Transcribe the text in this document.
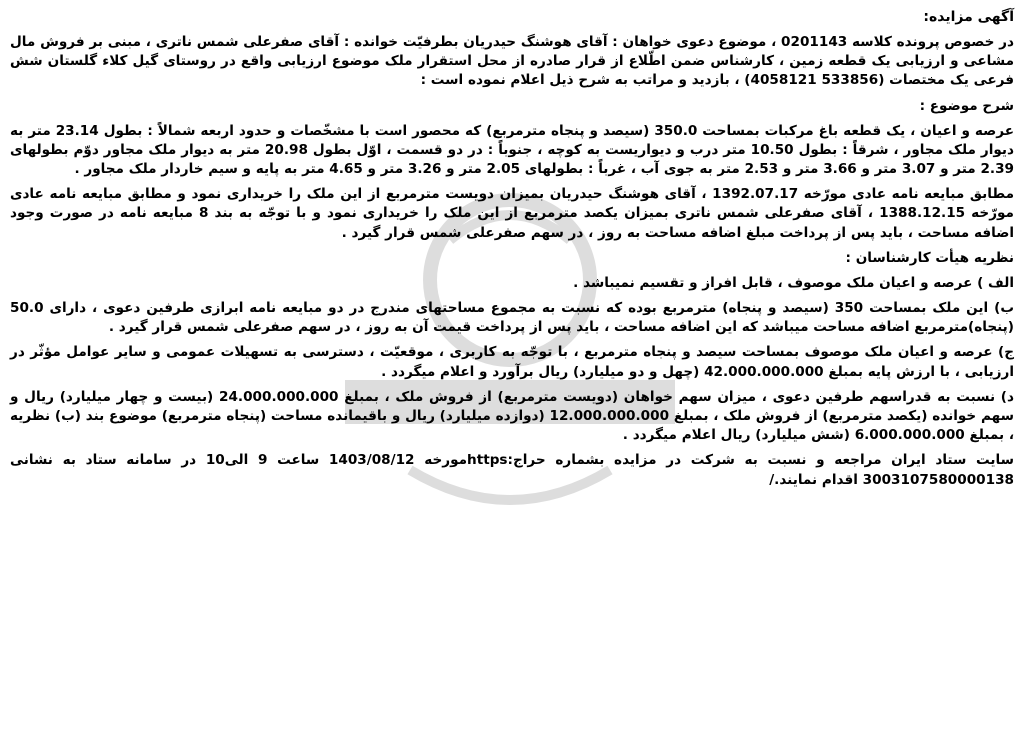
آگهی مزایده:
در خصوص پرونده کلاسه 0201143 ، موضوع دعوی خواهان : آقای هوشنگ حیدریان بطرفیّت خوانده : آقای صفرعلی شمس ناتری ، مبنی بر فروش مال مشاعی و ارزیابی یک قطعه زمین ، کارشناس ضمن اطّلاع از قرار صادره از محل استقرار ملک موضوع ارزیابی واقع در روستای گیل کلاء گلستان شش فرعی یک مختصات (533856 4058121) ، بازدید و مراتب به شرح ذیل اعلام نموده است :
شرح موضوع :
عرصه و اعیان ، یک قطعه باغ مرکبات بمساحت 350.0 (سیصد و پنجاه مترمربع) که محصور است با مشخّصات و حدود اربعه شمالاً : بطول 23.14 متر به دیوار ملک مجاور ، شرقاً : بطول 10.50 متر درب و دیواریست به کوچه ، جنوباً : در دو قسمت ، اوّل بطول 20.98 متر به دیوار ملک مجاور دوّم بطولهای 2.39 متر و 3.07 متر و 3.66 متر و 2.53 متر به جوی آب ، غرباً : بطولهای 2.05 متر و 3.26 متر و 4.65 متر به پایه و سیم خاردار ملک مجاور .
مطابق مبایعه نامه عادی مورّخه 1392.07.17 ، آقای هوشنگ حیدریان بمیزان دویست مترمربع از این ملک را خریداری نمود و مطابق مبایعه نامه عادی مورّخه 1388.12.15 ، آقای صفرعلی شمس ناتری بمیزان یکصد مترمربع از این ملک را خریداری نمود و با توجّه به بند 8 مبایعه نامه در صورت وجود اضافه مساحت ، باید پس از پرداخت مبلغ اضافه مساحت به روز ، در سهم صفرعلی شمس قرار گیرد .
نظریه هیأت کارشناسان :
الف ) عرصه و اعیان ملک موصوف ، قابل افراز و تقسیم نمیباشد .
ب) این ملک بمساحت 350 (سیصد و پنجاه) مترمربع بوده که نسبت به مجموع مساحتهای مندرج در دو مبایعه نامه ابرازی طرفین دعوی ، دارای 50.0 (پنجاه)مترمربع اضافه مساحت میباشد که این اضافه مساحت ، باید پس از پرداخت قیمت آن به روز ، در سهم صفرعلی شمس قرار گیرد .
ج) عرصه و اعیان ملک موصوف بمساحت سیصد و پنجاه مترمربع ، با توجّه به کاربری ، موقعیّت ، دسترسی به تسهیلات عمومی و سایر عوامل مؤثّر در ارزیابی ، با ارزش پایه بمبلغ 42.000.000.000 (چهل و دو میلیارد) ریال برآورد و اعلام میگردد .
د) نسبت به قدراسهم طرفین دعوی ، میزان سهم خواهان (دویست مترمربع) از فروش ملک ، بمبلغ 24.000.000.000 (بیست و چهار میلیارد) ریال و سهم خوانده (یکصد مترمربع) از فروش ملک ، بمبلغ 12.000.000.000 (دوازده میلیارد) ریال و باقیمانده مساحت (پنجاه مترمربع) موضوع بند (ب) نظریه ، بمبلغ 6.000.000.000 (شش میلیارد) ریال اعلام میگردد .
سایت ستاد ایران مراجعه و نسبت به شرکت در مزایده بشماره حراج:httpsمورخه 1403/08/12 ساعت 9 الی10 در سامانه ستاد به نشانی 3003107580000138 اقدام نمایند./
